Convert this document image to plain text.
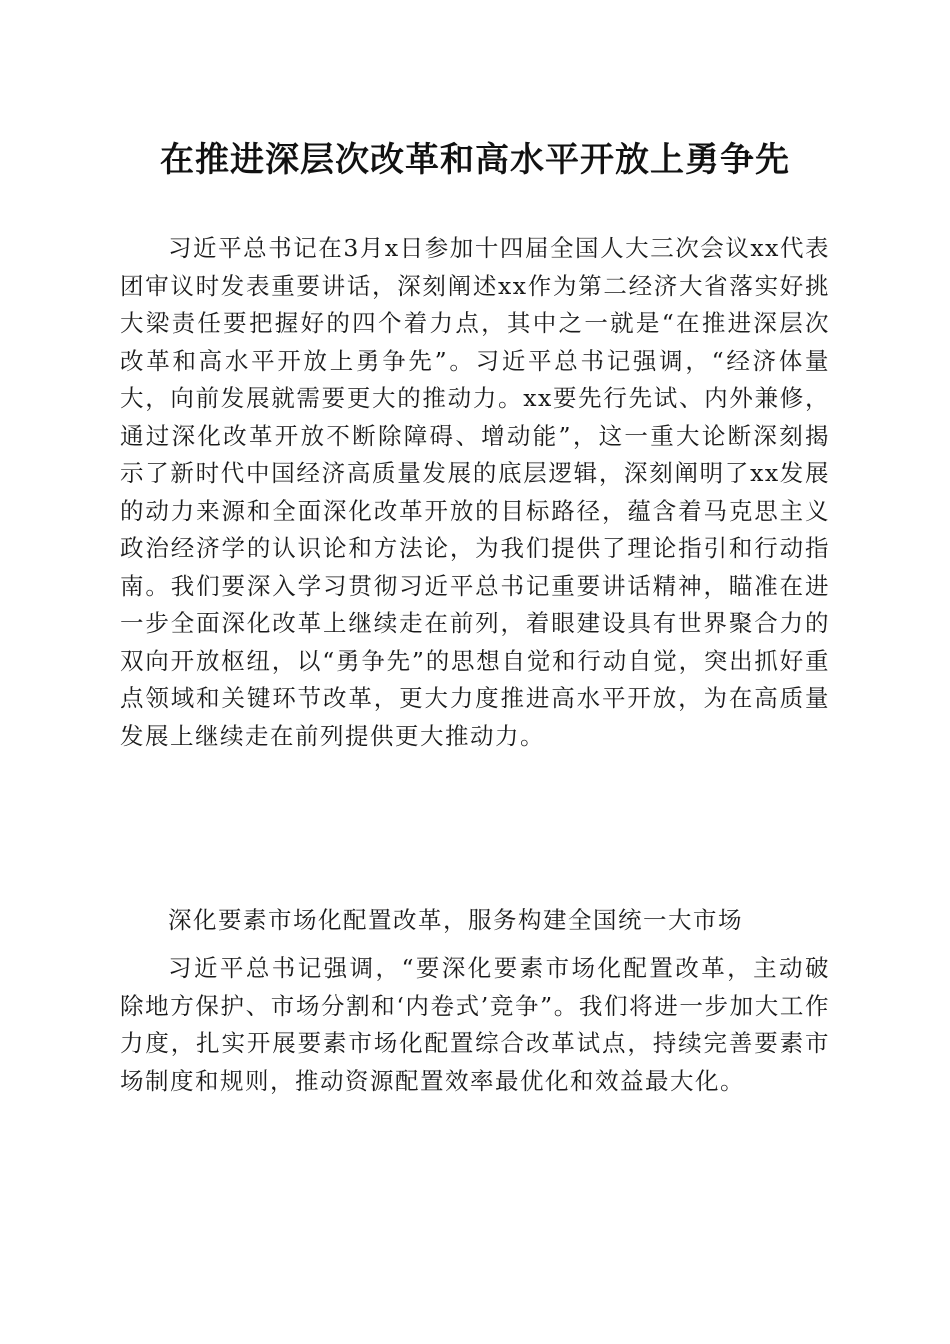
在推进深层次改革和高水平开放上勇争先

习近平总书记在3月x日参加十四届全国人大三次会议xx代表团审议时发表重要讲话，深刻阐述xx作为第二经济大省落实好挑大梁责任要把握好的四个着力点，其中之一就是“在推进深层次改革和高水平开放上勇争先”。习近平总书记强调，“经济体量大，向前发展就需要更大的推动力。xx要先行先试、内外兼修，通过深化改革开放不断除障碍、增动能”，这一重大论断深刻揭示了新时代中国经济高质量发展的底层逻辑，深刻阐明了xx发展的动力来源和全面深化改革开放的目标路径，蕴含着马克思主义政治经济学的认识论和方法论，为我们提供了理论指引和行动指南。我们要深入学习贯彻习近平总书记重要讲话精神，瞄准在进一步全面深化改革上继续走在前列，着眼建设具有世界聚合力的双向开放枢纽，以“勇争先”的思想自觉和行动自觉，突出抓好重点领域和关键环节改革，更大力度推进高水平开放，为在高质量发展上继续走在前列提供更大推动力。

深化要素市场化配置改革，服务构建全国统一大市场

习近平总书记强调，“要深化要素市场化配置改革，主动破除地方保护、市场分割和‘内卷式’竞争”。我们将进一步加大工作力度，扎实开展要素市场化配置综合改革试点，持续完善要素市场制度和规则，推动资源配置效率最优化和效益最大化。
